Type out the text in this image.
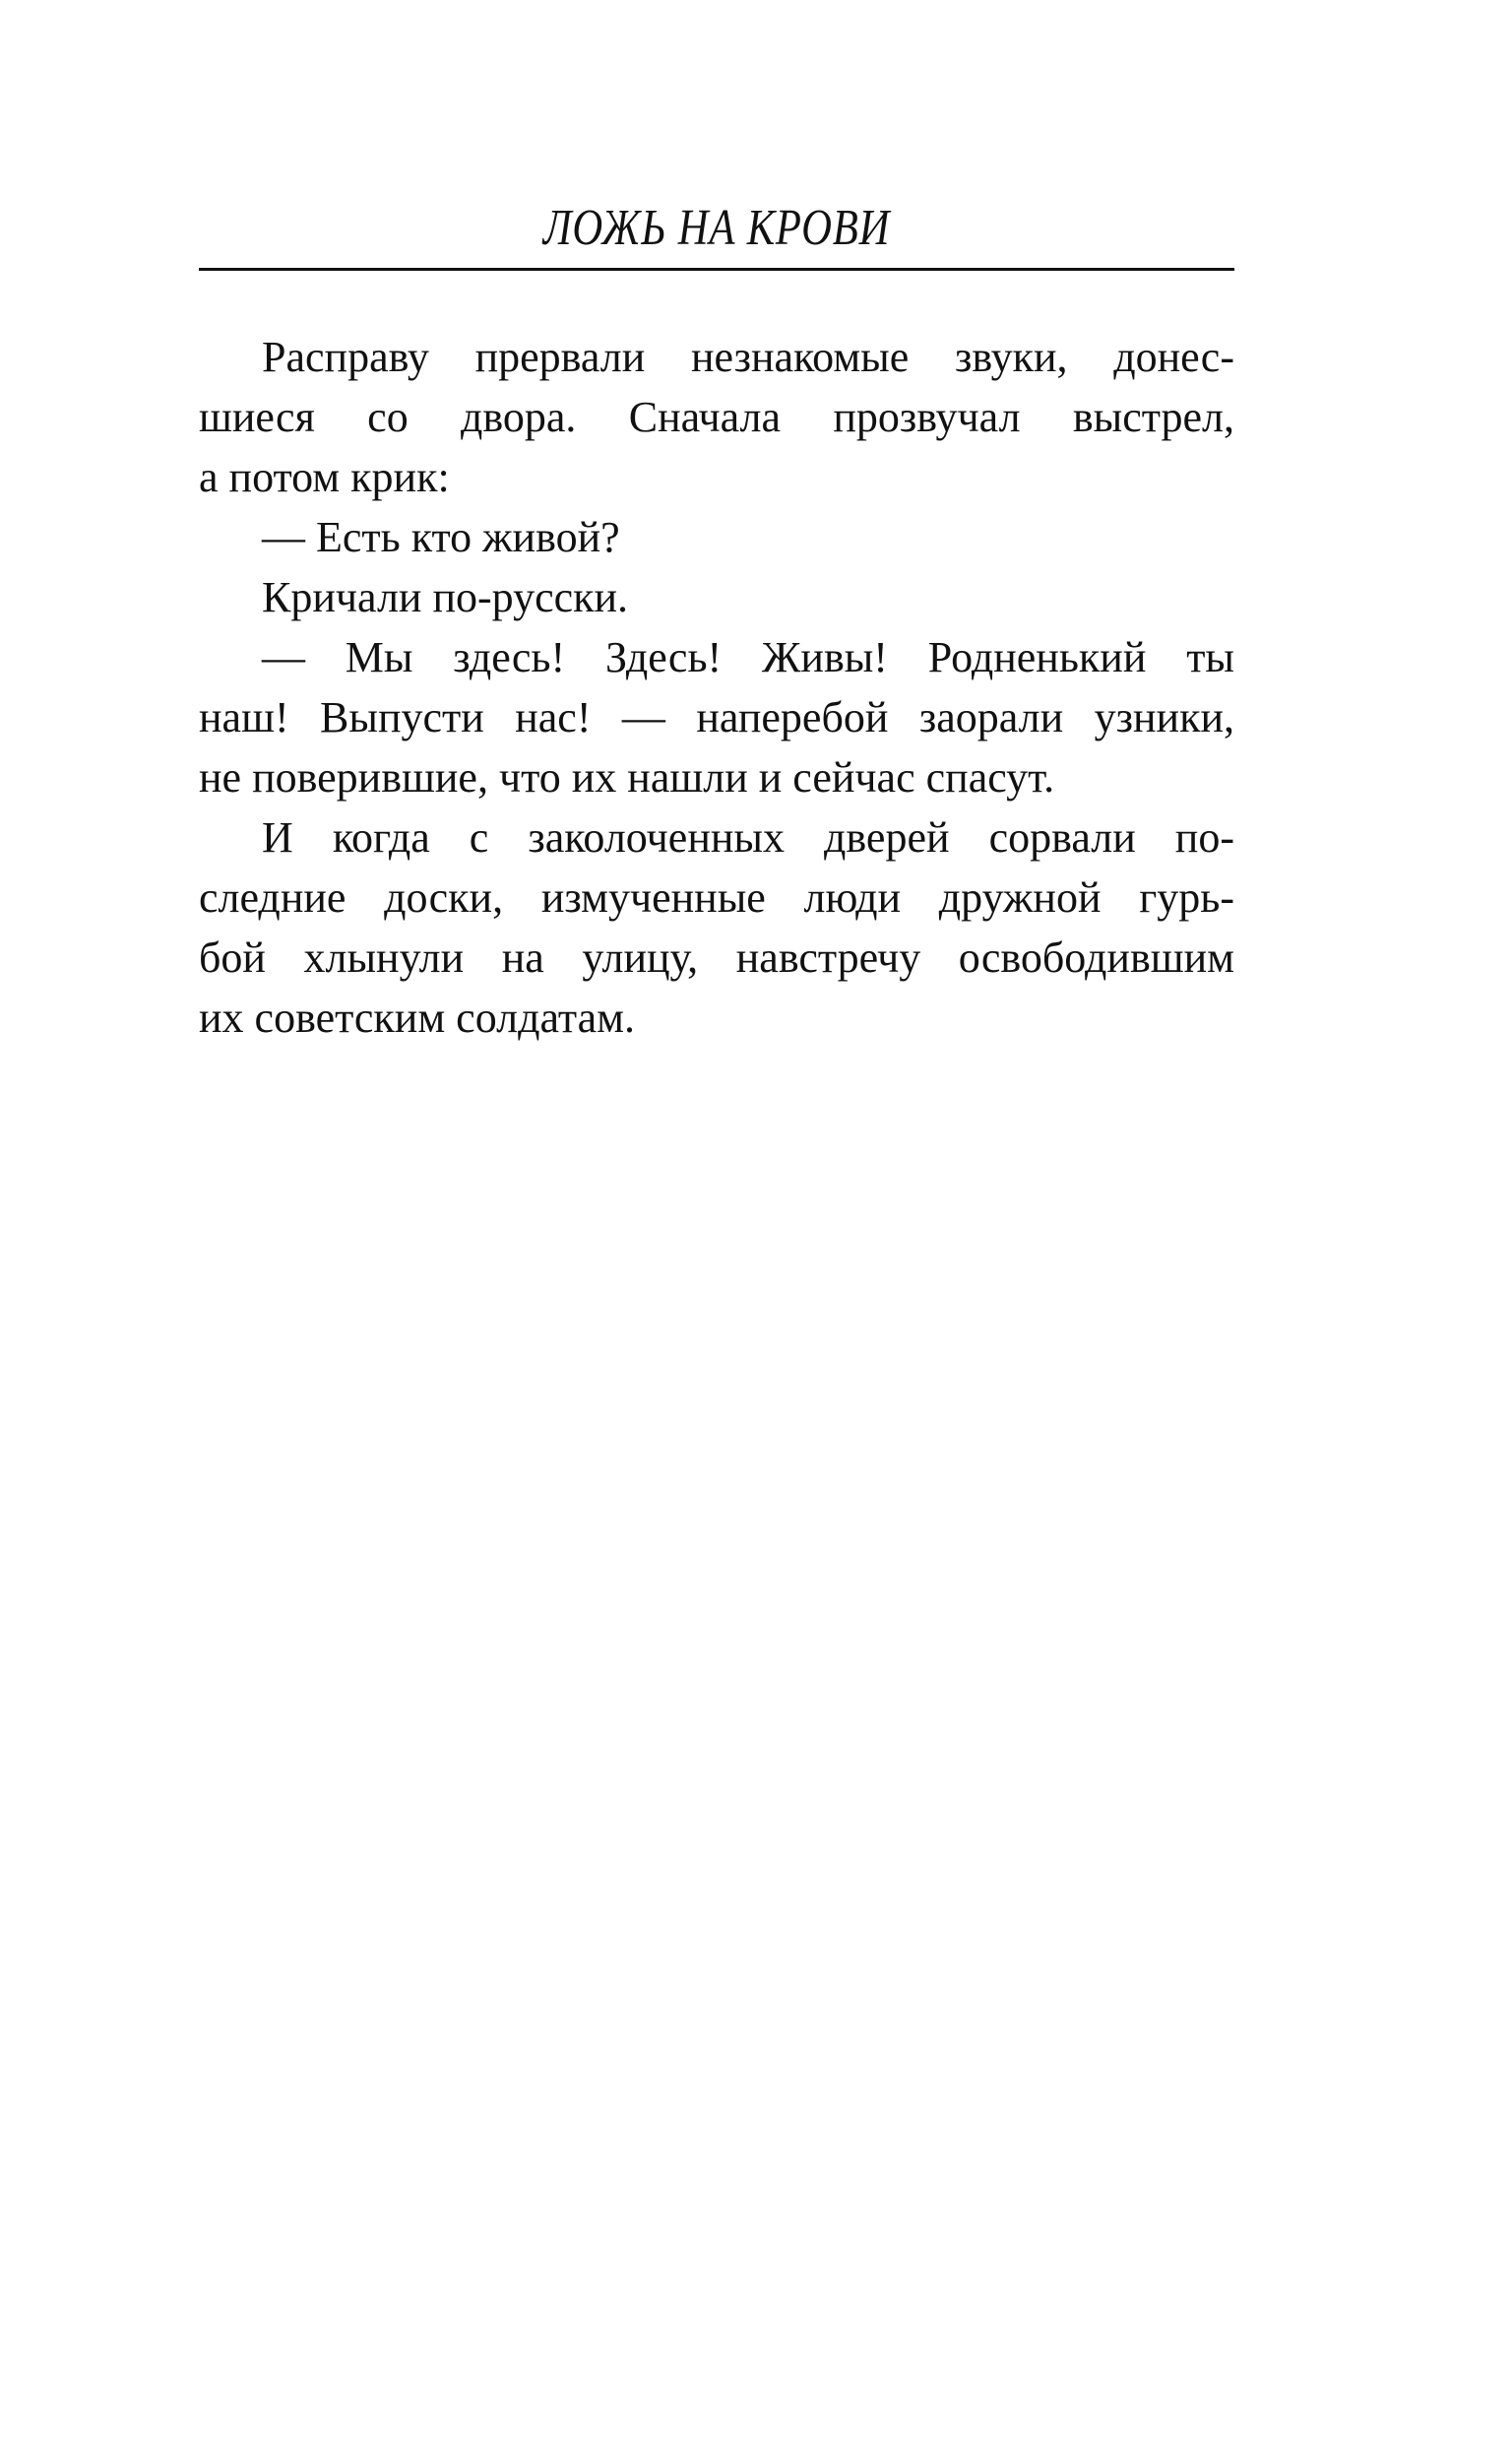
ЛОЖЬ НА КРОВИ
Расправу прервали незнакомые звуки, донес-
шиеся со двора. Сначала прозвучал выстрел,
а потом крик:
— Есть кто живой?
Кричали по-русски.
— Мы здесь! Здесь! Живы! Родненький ты
наш! Выпусти нас! — наперебой заорали узники,
не поверившие, что их нашли и сейчас спасут.
И когда с заколоченных дверей сорвали по-
следние доски, измученные люди дружной гурь-
бой хлынули на улицу, навстречу освободившим
их советским солдатам.
